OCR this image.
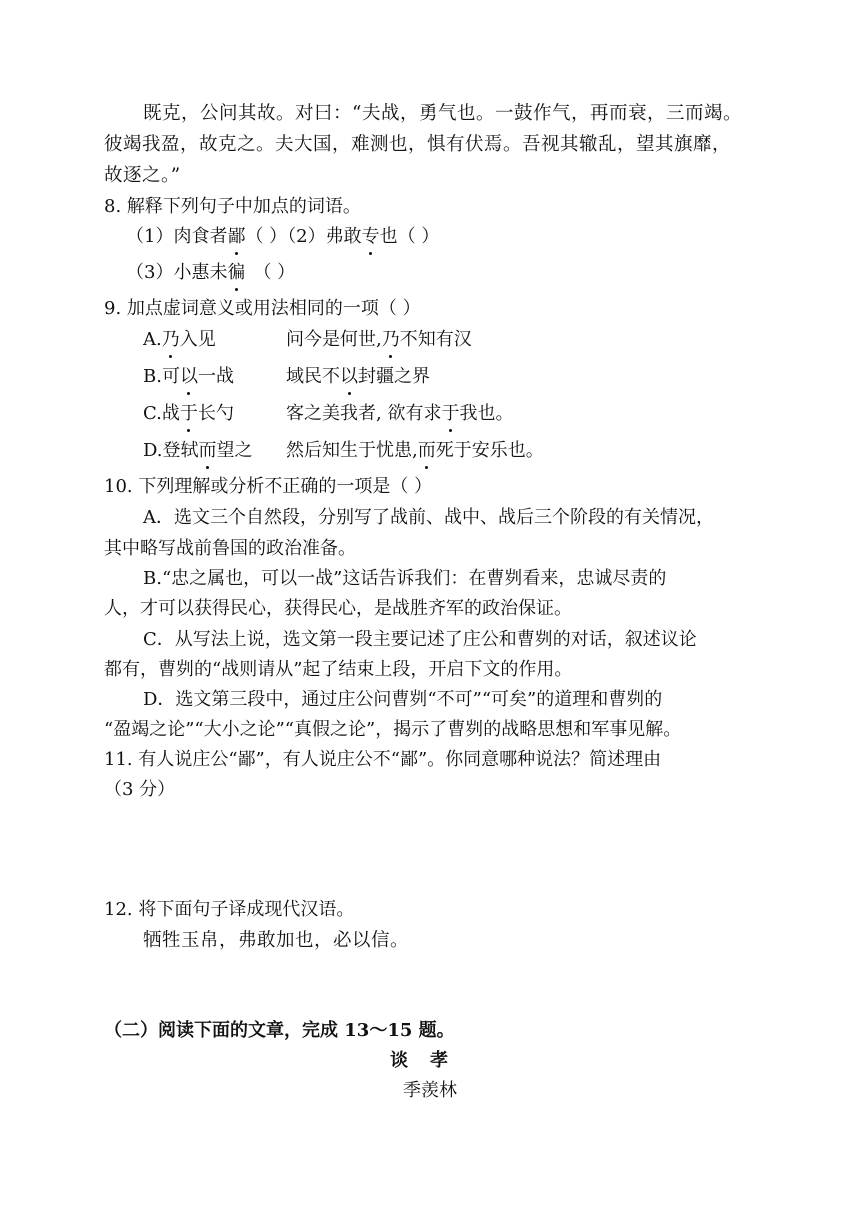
既克，公问其故。对曰：“夫战，勇气也。一鼓作气，再而衰，三而竭。
彼竭我盈，故克之。夫大国，难测也，惧有伏焉。吾视其辙乱，望其旗靡，
故逐之。”
8. 解释下列句子中加点的词语。
（1）肉食者鄙（ ）（2）弗敢专也（ ）
（3）小惠未徧 （ ）
9. 加点虚词意义或用法相同的一项（ ）
A.乃入见	问今是何世,乃不知有汉
B.可以一战	域民不以封疆之界
C.战于长勺	客之美我者, 欲有求于我也。
D.登轼而望之 然后知生于忧患,而死于安乐也。
10. 下列理解或分析不正确的一项是（ ）
A．选文三个自然段，分别写了战前、战中、战后三个阶段的有关情况，
其中略写战前鲁国的政治准备。
B.“忠之属也，可以一战”这话告诉我们：在曹刿看来，忠诚尽责的
人，才可以获得民心，获得民心，是战胜齐军的政治保证。
C．从写法上说，选文第一段主要记述了庄公和曹刿的对话，叙述议论
都有，曹刿的“战则请从”起了结束上段，开启下文的作用。
D．选文第三段中，通过庄公问曹刿“不可”“可矣”的道理和曹刿的
“盈竭之论”“大小之论”“真假之论”，揭示了曹刿的战略思想和军事见解。
11. 有人说庄公“鄙”，有人说庄公不“鄙”。你同意哪种说法？简述理由
（3 分）
12. 将下面句子译成现代汉语。
牺牲玉帛，弗敢加也，必以信。
（二）阅读下面的文章，完成 13～15 题。
谈孝
季羡林
